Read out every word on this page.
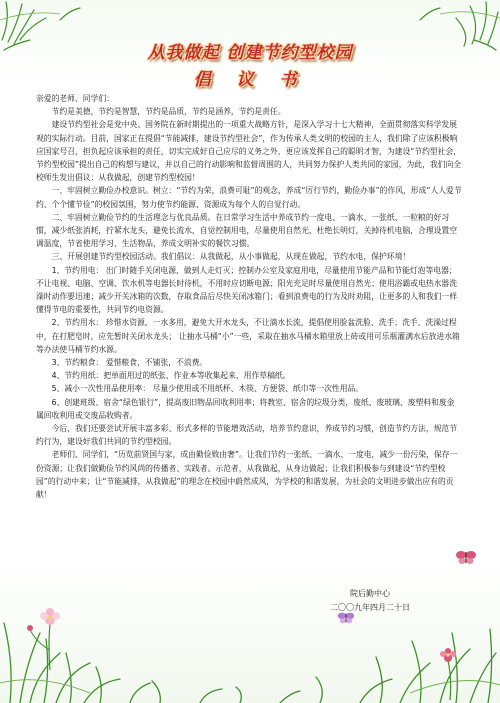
从我做起 创建节约型校园
倡 议 书

亲爱的老师、同学们：

节约是美德，节约是智慧，节约是品质，节约是涵养，节约是责任。

建设节约型社会是党中央、国务院在新时期提出的一项重大战略方针，是深入学习十七大精神，全面贯彻落实科学发展观的实际行动。目前，国家正在提倡“节能减排，建设节约型社会”，作为传承人类文明的校园的主人，我们除了应该积极响应国家号召，担负起应该承担的责任，切实完成好自己应尽的义务之外，更应该发挥自己的聪明才智，为建设“节约型社会，节约型校园”提出自己的构想与建议，并以自己的行动影响和监督周围的人，共同努力保护人类共同的家园，为此，我们向全校师生发出倡议：从我做起，创建节约型校园！

一、牢固树立勤俭办校意识。树立：“节约为荣，浪费可耻”的观念，养成“厉行节约，勤俭办事”的作风，形成“人人爱节约、个个懂节俭”的校园氛围，努力使节约能源、资源成为每个人的自觉行动。

二、牢固树立勤俭节约的生活理念与优良品质。在日常学习生活中养成节约一度电、一滴水、一张纸、一粒粮的好习惯，减少纸张消耗，拧紧水龙头，避免长流水，自觉控制用电，尽量使用自然光，杜绝长明灯，关掉待机电脑，合理设置空调温度，节省使用学习、生活物品，养成文明补实的餐饮习惯。

三、开展创建节约型校园活动。我们倡议：从我做起，从小事做起，从现在做起，节约水电，保护环境！

1、节约用电： 出门时随手关闭电源，做到人走灯灭；控制办公室及家庭用电，尽量使用节能产品和节能灯泡等电器；不让电视、电脑、空调、饮水机等电器长时待机，不用时应切断电源；阳光充足时尽量使用自然光；使用浴霸或电热水器洗澡时动作要迅速；减少开关冰箱的次数，存取食品后尽快关闭冰箱门；看到浪费电的行为及时劝阻，让更多的人和我们一样懂得节电的重要性，共同节约电资源。

2、节约用水： 珍惜水资源，一水多用，避免大开水龙头，不让滴水长流，提倡使用脸盆洗脸、洗手；洗手、洗澡过程中，在打肥皂时，应先暂时关闭水龙头； 让抽水马桶“小”一些，采取在抽水马桶水箱里放上砖或用可乐瓶灌满水后放进水箱等办法使马桶节约水源。

3、节约粮食： 爱惜粮食，不铺张，不浪费。

4、节约用纸：把单面用过的纸张、作业本等收集起来，用作草稿纸。

5、减小一次性用品使用率： 尽量少使用或不用纸杯、木筷、方便袋、纸巾等一次性用品。

6、创建班级、宿舍“绿色银行”，提高废旧物品回收利用率；将教室、宿舍的垃圾分类，废纸、废玻璃、废塑料和废金属回收利用或交废品收购者。

今后，我们还要尝试开展丰富多彩、形式多样的节能增效活动，培养节约意识，养成节约习惯，创造节约方法，规范节约行为，建设好我们共同的节约型校园。

老师们、同学们，“历览前贤国与家，成由勤俭败由奢”。让我们节约一张纸、一滴水、一度电，减少一份污染，保存一份资源；让我们做勤俭节约风尚的传播者、实践者、示范者，从我做起，从身边做起；让我们积极参与到建设“节约型校园”的行动中来；让“节能减排，从我做起”的理念在校园中蔚然成风，为学校的和谐发展，为社会的文明进步做出应有的贡献！

院后勤中心
二〇〇九年四月二十日
